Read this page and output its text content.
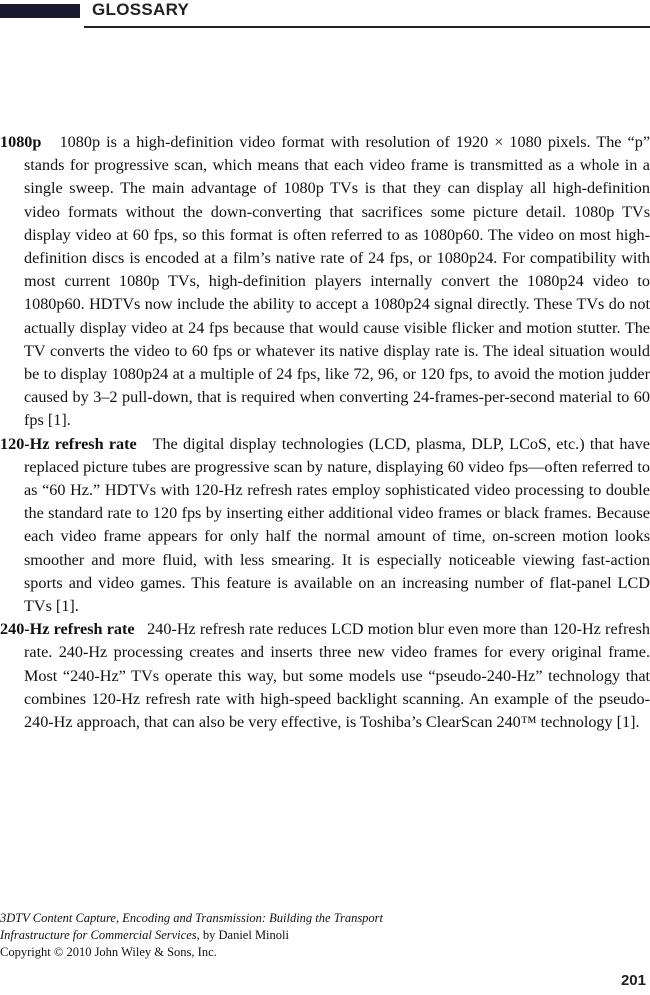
GLOSSARY

1080p 1080p is a high-definition video format with resolution of 1920 × 1080 pixels. The “p” stands for progressive scan, which means that each video frame is transmitted as a whole in a single sweep. The main advantage of 1080p TVs is that they can display all high-definition video formats without the down-converting that sacrifices some picture detail. 1080p TVs display video at 60 fps, so this format is often referred to as 1080p60. The video on most high-definition discs is encoded at a film’s native rate of 24 fps, or 1080p24. For compatibility with most current 1080p TVs, high-definition players internally convert the 1080p24 video to 1080p60. HDTVs now include the ability to accept a 1080p24 signal directly. These TVs do not actually display video at 24 fps because that would cause visible flicker and motion stutter. The TV converts the video to 60 fps or whatever its native display rate is. The ideal situation would be to display 1080p24 at a multiple of 24 fps, like 72, 96, or 120 fps, to avoid the motion judder caused by 3–2 pull-down, that is required when converting 24-frames-per-second material to 60 fps [1].

120-Hz refresh rate The digital display technologies (LCD, plasma, DLP, LCoS, etc.) that have replaced picture tubes are progressive scan by nature, displaying 60 video fps—often referred to as “60 Hz.” HDTVs with 120-Hz refresh rates employ sophisticated video processing to double the standard rate to 120 fps by inserting either additional video frames or black frames. Because each video frame appears for only half the normal amount of time, on-screen motion looks smoother and more fluid, with less smearing. It is especially noticeable viewing fast-action sports and video games. This feature is available on an increasing number of flat-panel LCD TVs [1].

240-Hz refresh rate 240-Hz refresh rate reduces LCD motion blur even more than 120-Hz refresh rate. 240-Hz processing creates and inserts three new video frames for every original frame. Most “240-Hz” TVs operate this way, but some models use “pseudo-240-Hz” technology that combines 120-Hz refresh rate with high-speed backlight scanning. An example of the pseudo-240-Hz approach, that can also be very effective, is Toshiba’s ClearScan 240™ technology [1].

3DTV Content Capture, Encoding and Transmission: Building the Transport
Infrastructure for Commercial Services, by Daniel Minoli
Copyright © 2010 John Wiley & Sons, Inc.
201
